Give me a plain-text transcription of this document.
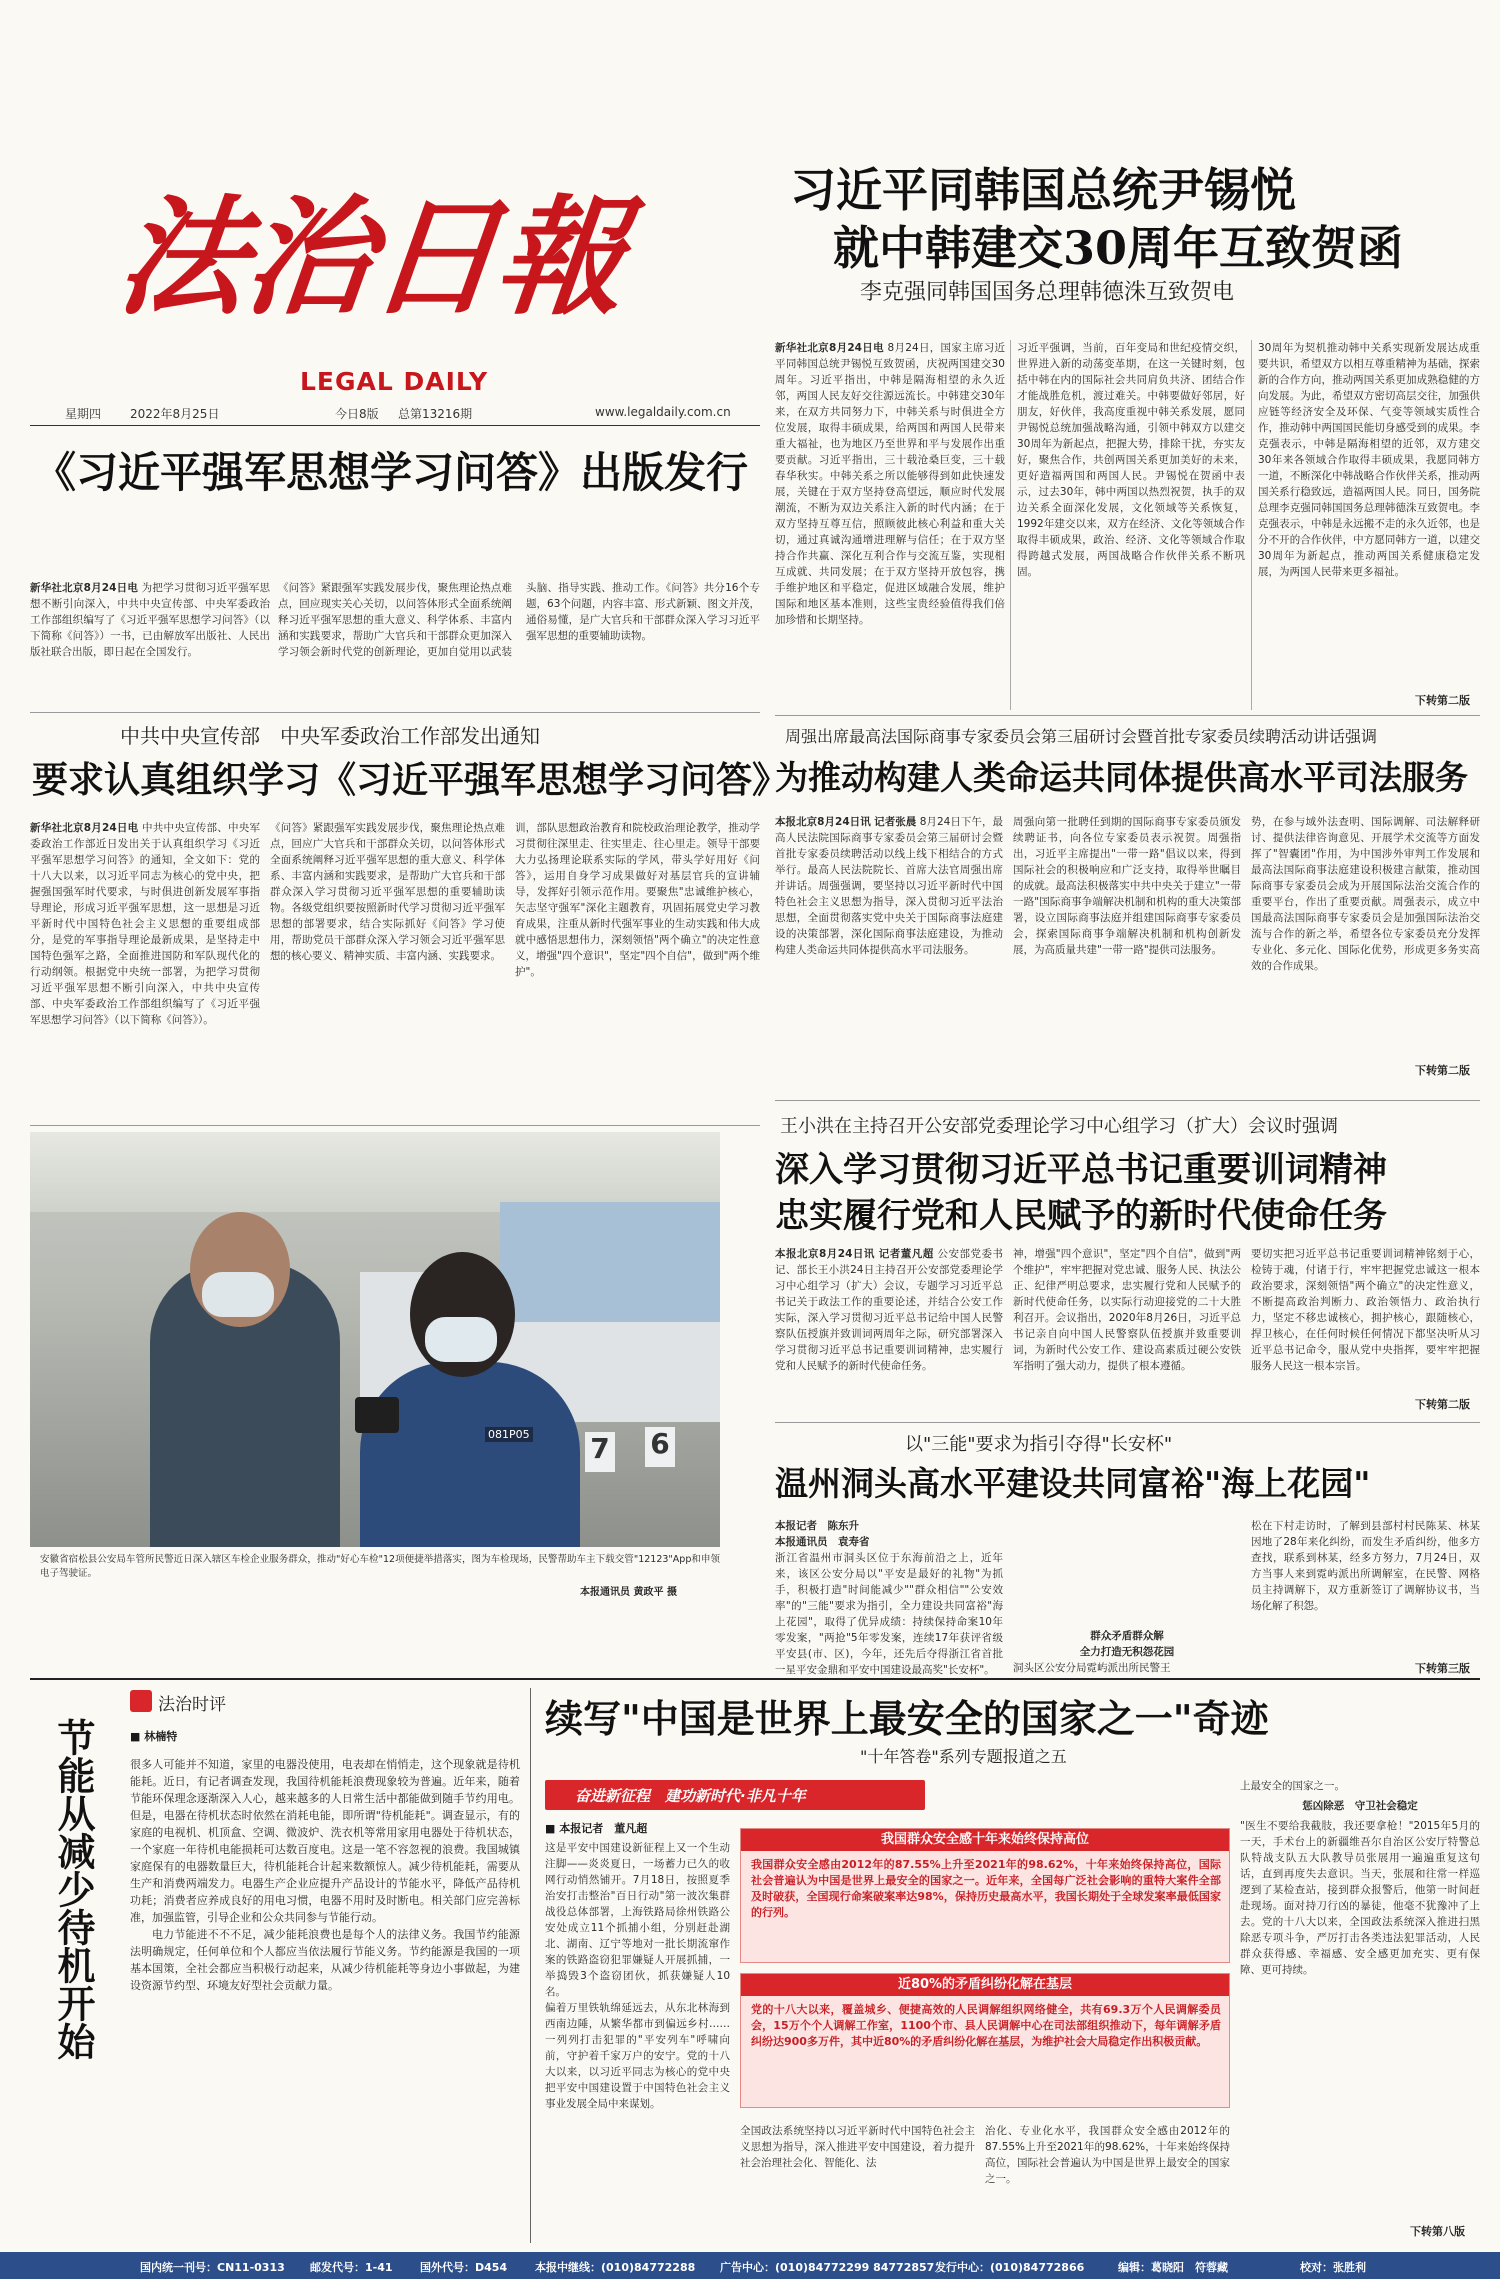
法治日報
LEGAL DAILY
星期四 2022年8月25日	今日8版 总第13216期	www.legaldaily.com.cn
习近平同韩国总统尹锡悦
就中韩建交30周年互致贺函
李克强同韩国国务总理韩德洙互致贺电
新华社北京8月24日电 8月24日，国家主席习近平同韩国总统尹锡悦互致贺函，庆祝两国建交30周年。习近平指出，中韩是隔海相望的永久近邻，两国人民友好交往源远流长。中韩建交30年来，在双方共同努力下，中韩关系与时俱进全方位发展，取得丰硕成果，给两国和两国人民带来重大福祉，也为地区乃至世界和平与发展作出重要贡献。习近平指出，三十载沧桑巨变，三十载春华秋实。中韩关系之所以能够得到如此快速发展，关键在于双方坚持登高望远，顺应时代发展潮流，不断为双边关系注入新的时代内涵；在于双方坚持互尊互信，照顾彼此核心利益和重大关切，通过真诚沟通增进理解与信任；在于双方坚持合作共赢、深化互利合作与交流互鉴，实现相互成就、共同发展；在于双方坚持开放包容，携手维护地区和平稳定，促进区域融合发展，维护国际和地区基本准则，这些宝贵经验值得我们倍加珍惜和长期坚持。
习近平强调，当前，百年变局和世纪疫情交织，世界进入新的动荡变革期，在这一关键时刻，包括中韩在内的国际社会共同肩负共济、团结合作才能战胜危机，渡过难关。中韩要做好邻居，好朋友，好伙伴，我高度重视中韩关系发展，愿同尹锡悦总统加强战略沟通，引领中韩双方以建交30周年为新起点，把握大势，排除干扰，夯实友好，聚焦合作，共创两国关系更加美好的未来，更好造福两国和两国人民。尹锡悦在贺函中表示，过去30年，韩中两国以热烈祝贺，执手的双边关系全面深化发展，文化领域等关系恢复，1992年建交以来，双方在经济、文化等领域合作取得丰硕成果，政治、经济、文化等领域合作取得跨越式发展，两国战略合作伙伴关系不断巩固。
30周年为契机推动韩中关系实现新发展达成重要共识，希望双方以相互尊重精神为基础，探索新的合作方向，推动两国关系更加成熟稳健的方向发展。为此，希望双方密切高层交往，加强供应链等经济安全及环保、气变等领域实质性合作，推动韩中两国国民能切身感受到的成果。李克强表示，中韩是隔海相望的近邻，双方建交30年来各领域合作取得丰硕成果，我愿同韩方一道，不断深化中韩战略合作伙伴关系，推动两国关系行稳致远，造福两国人民。同日，国务院总理李克强同韩国国务总理韩德洙互致贺电。李克强表示，中韩是永远搬不走的永久近邻，也是分不开的合作伙伴，中方愿同韩方一道，以建交30周年为新起点，推动两国关系健康稳定发展，为两国人民带来更多福祉。
下转第二版
《习近平强军思想学习问答》出版发行
新华社北京8月24日电 为把学习贯彻习近平强军思想不断引向深入，中共中央宣传部、中央军委政治工作部组织编写了《习近平强军思想学习问答》（以下简称《问答》）一书，已由解放军出版社、人民出版社联合出版，即日起在全国发行。
《问答》紧跟强军实践发展步伐，聚焦理论热点难点，回应现实关心关切，以问答体形式全面系统阐释习近平强军思想的重大意义、科学体系、丰富内涵和实践要求，帮助广大官兵和干部群众更加深入学习领会新时代党的创新理论，更加自觉用以武装头脑、指导实践、推动工作。《问答》共分16个专题，63个问题，内容丰富、形式新颖、图文并茂，通俗易懂，是广大官兵和干部群众深入学习习近平强军思想的重要辅助读物。
中共中央宣传部　中央军委政治工作部发出通知
要求认真组织学习《习近平强军思想学习问答》
新华社北京8月24日电 中共中央宣传部、中央军委政治工作部近日发出关于认真组织学习《习近平强军思想学习问答》的通知，全文如下：党的十八大以来，以习近平同志为核心的党中央，把握强国强军时代要求，与时俱进创新发展军事指导理论，形成习近平强军思想，这一思想是习近平新时代中国特色社会主义思想的重要组成部分，是党的军事指导理论最新成果，是坚持走中国特色强军之路，全面推进国防和军队现代化的行动纲领。根据党中央统一部署，为把学习贯彻习近平强军思想不断引向深入，中共中央宣传部、中央军委政治工作部组织编写了《习近平强军思想学习问答》（以下简称《问答》）。
《问答》紧跟强军实践发展步伐，聚焦理论热点难点，回应广大官兵和干部群众关切，以问答体形式全面系统阐释习近平强军思想的重大意义、科学体系、丰富内涵和实践要求，是帮助广大官兵和干部群众深入学习贯彻习近平强军思想的重要辅助读物。各级党组织要按照新时代学习贯彻习近平强军思想的部署要求，结合实际抓好《问答》学习使用，帮助党员干部群众深入学习领会习近平强军思想的核心要义、精神实质、丰富内涵、实践要求。
训，部队思想政治教育和院校政治理论教学，推动学习贯彻往深里走、往实里走、往心里走。领导干部要大力弘扬理论联系实际的学风，带头学好用好《问答》，运用自身学习成果做好对基层官兵的宣讲辅导，发挥好引领示范作用。要聚焦"忠诚维护核心，矢志坚守强军"深化主题教育，巩固拓展党史学习教育成果，注重从新时代强军事业的生动实践和伟大成就中感悟思想伟力，深刻领悟"两个确立"的决定性意义，增强"四个意识"，坚定"四个自信"，做到"两个维护"。
周强出席最高法国际商事专家委员会第三届研讨会暨首批专家委员续聘活动讲话强调
为推动构建人类命运共同体提供高水平司法服务
本报北京8月24日讯 记者张晨 8月24日下午，最高人民法院国际商事专家委员会第三届研讨会暨首批专家委员续聘活动以线上线下相结合的方式举行。最高人民法院院长、首席大法官周强出席并讲话。周强强调，要坚持以习近平新时代中国特色社会主义思想为指导，深入贯彻习近平法治思想，全面贯彻落实党中央关于国际商事法庭建设的决策部署，深化国际商事法庭建设，为推动构建人类命运共同体提供高水平司法服务。
周强向第一批聘任到期的国际商事专家委员颁发续聘证书，向各位专家委员表示祝贺。周强指出，习近平主席提出"一带一路"倡议以来，得到国际社会的积极响应和广泛支持，取得举世瞩目的成就。最高法积极落实中共中央关于建立"一带一路"国际商事争端解决机制和机构的重大决策部署，设立国际商事法庭并组建国际商事专家委员会，探索国际商事争端解决机制和机构创新发展，为高质量共建"一带一路"提供司法服务。
势，在参与域外法查明、国际调解、司法解释研讨、提供法律咨询意见、开展学术交流等方面发挥了"智囊团"作用，为中国涉外审判工作发展和最高法国际商事法庭建设积极建言献策，推动国际商事专家委员会成为开展国际法治交流合作的重要平台，作出了重要贡献。周强表示，成立中国最高法国际商事专家委员会是加强国际法治交流与合作的新之举，希望各位专家委员充分发挥专业化、多元化、国际化优势，形成更多务实高效的合作成果。
下转第二版
7 6
081P05
安徽省宿松县公安局车管所民警近日深入辖区车检企业服务群众，推动"好心车检"12项便捷举措落实，图为车检现场，民警帮助车主下载交管"12123"App和申领电子驾驶证。
本报通讯员 黄政平 摄
王小洪在主持召开公安部党委理论学习中心组学习（扩大）会议时强调
深入学习贯彻习近平总书记重要训词精神
忠实履行党和人民赋予的新时代使命任务
本报北京8月24日讯 记者董凡超 公安部党委书记、部长王小洪24日主持召开公安部党委理论学习中心组学习（扩大）会议，专题学习习近平总书记关于政法工作的重要论述，并结合公安工作实际，深入学习贯彻习近平总书记给中国人民警察队伍授旗并致训词两周年之际，研究部署深入学习贯彻习近平总书记重要训词精神，忠实履行党和人民赋予的新时代使命任务。
神，增强"四个意识"，坚定"四个自信"，做到"两个维护"，牢牢把握对党忠诚、服务人民、执法公正、纪律严明总要求，忠实履行党和人民赋予的新时代使命任务，以实际行动迎接党的二十大胜利召开。会议指出，2020年8月26日，习近平总书记亲自向中国人民警察队伍授旗并致重要训词，为新时代公安工作、建设高素质过硬公安铁军指明了强大动力，提供了根本遵循。
要切实把习近平总书记重要训词精神铭刻于心，检铸于魂，付诸于行，牢牢把握党忠诚这一根本政治要求，深刻领悟"两个确立"的决定性意义，不断提高政治判断力、政治领悟力、政治执行力，坚定不移忠诚核心，拥护核心，跟随核心，捍卫核心，在任何时候任何情况下都坚决听从习近平总书记命令，服从党中央指挥，要牢牢把握服务人民这一根本宗旨。
下转第二版
以"三能"要求为指引夺得"长安杯"
温州洞头高水平建设共同富裕"海上花园"
本报记者　陈东升
本报通讯员　袁寿省
浙江省温州市洞头区位于东海前沿之上，近年来，该区公安分局以"平安是最好的礼物"为抓手，积极打造"时间能减少""群众相信""公安效率"的"三能"要求为指引，全力建设共同富裕"海上花园"，取得了优异成绩：持续保持命案10年零发案，"两抢"5年零发案，连续17年获评省级平安县(市、区)，今年，还先后夺得浙江省首批一星平安金鼎和平安中国建设最高奖"长安杯"。
群众矛盾群众解
全力打造无积怨花园
洞头区公安分局霓屿派出所民警王
松在下村走访时，了解到县部村村民陈某、林某因地了28年来化纠纷，而发生矛盾纠纷，他多方查找，联系到林某，经多方努力，7月24日，双方当事人来到霓屿派出所调解室，在民警、网格员主持调解下，双方重新签订了调解协议书，当场化解了积怨。
下转第三版
法治时评
节能从减少待机开始	■ 林楠特

很多人可能并不知道，家里的电器没使用，电表却在悄悄走，这个现象就是待机能耗。近日，有记者调查发现，我国待机能耗浪费现象较为普遍。近年来，随着节能环保理念逐渐深入人心，越来越多的人日常生活中都能做到随手节约用电。但是，电器在待机状态时依然在消耗电能，即所谓"待机能耗"。调查显示，有的家庭的电视机、机顶盒、空调、微波炉、洗衣机等常用家用电器处于待机状态，一个家庭一年待机电能损耗可达数百度电。这是一笔不容忽视的浪费。我国城镇家庭保有的电器数量巨大，待机能耗合计起来数额惊人。减少待机能耗，需要从生产和消费两端发力。电器生产企业应提升产品设计的节能水平，降低产品待机功耗；消费者应养成良好的用电习惯，电器不用时及时断电。相关部门应完善标准，加强监管，引导企业和公众共同参与节能行动。

电力节能进不不不足，减少能耗浪费也是每个人的法律义务。我国节约能源法明确规定，任何单位和个人都应当依法履行节能义务。节约能源是我国的一项基本国策，全社会都应当积极行动起来，从减少待机能耗等身边小事做起，为建设资源节约型、环境友好型社会贡献力量。

续写"中国是世界上最安全的国家之一"奇迹
"十年答卷"系列专题报道之五
上最安全的国家之一。
惩凶除恶　守卫社会稳定
"医生不要给我截肢，我还要拿枪！"2015年5月的一天，手术台上的新疆维吾尔自治区公安厅特警总队特战支队五大队教导员张展用一遍遍重复这句话，直到再度失去意识。当天，张展和往常一样巡逻到了某检查站，接到群众报警后，他第一时间赶赴现场。面对持刀行凶的暴徒，他毫不犹豫冲了上去。党的十八大以来，全国政法系统深入推进扫黑除恶专项斗争，严厉打击各类违法犯罪活动，人民群众获得感、幸福感、安全感更加充实、更有保障、更可持续。
下转第八版
奋进新征程　建功新时代·非凡十年
■ 本报记者　董凡超

这是平安中国建设新征程上又一个生动注脚——炎炎夏日，一场蓄力已久的收网行动悄然铺开。7月18日，按照夏季治安打击整治"百日行动"第一波次集群战役总体部署，上海铁路局徐州铁路公安处成立11个抓捕小组，分别赶赴湖北、湖南、辽宁等地对一批长期流窜作案的铁路盗窃犯罪嫌疑人开展抓捕，一举捣毁3个盗窃团伙，抓获嫌疑人10名。

偏着万里铁轨绵延远去，从东北林海到西南边陲，从繁华都市到偏远乡村……一列列打击犯罪的"平安列车"呼啸向前，守护着千家万户的安宁。党的十八大以来，以习近平同志为核心的党中央把平安中国建设置于中国特色社会主义事业发展全局中来谋划。

我国群众安全感十年来始终保持高位
我国群众安全感由2012年的87.55%上升至2021年的98.62%，十年来始终保持高位，国际社会普遍认为中国是世界上最安全的国家之一。近年来，全国每广泛社会影响的重特大案件全部及时破获，全国现行命案破案率达98%，保持历史最高水平，我国长期处于全球发案率最低国家的行列。
近80%的矛盾纠纷化解在基层
党的十八大以来，覆盖城乡、便捷高效的人民调解组织网络健全，共有69.3万个人民调解委员会，15万个个人调解工作室，1100个市、县人民调解中心在司法部组织推动下，每年调解矛盾纠纷达900多万件，其中近80%的矛盾纠纷化解在基层，为维护社会大局稳定作出积极贡献。
全国政法系统坚持以习近平新时代中国特色社会主义思想为指导，深入推进平安中国建设，着力提升社会治理社会化、智能化、法
治化、专业化水平，我国群众安全感由2012年的87.55%上升至2021年的98.62%，十年来始终保持高位，国际社会普遍认为中国是世界上最安全的国家之一。
国内统一刊号：CN11-0313 邮发代号：1-41 国外代号：D454	本报中继线：(010)84772288 广告中心：(010)84772299 84772857 发行中心：(010)84772866	编辑：葛晓阳　符蓉藏	校对：张胜利
